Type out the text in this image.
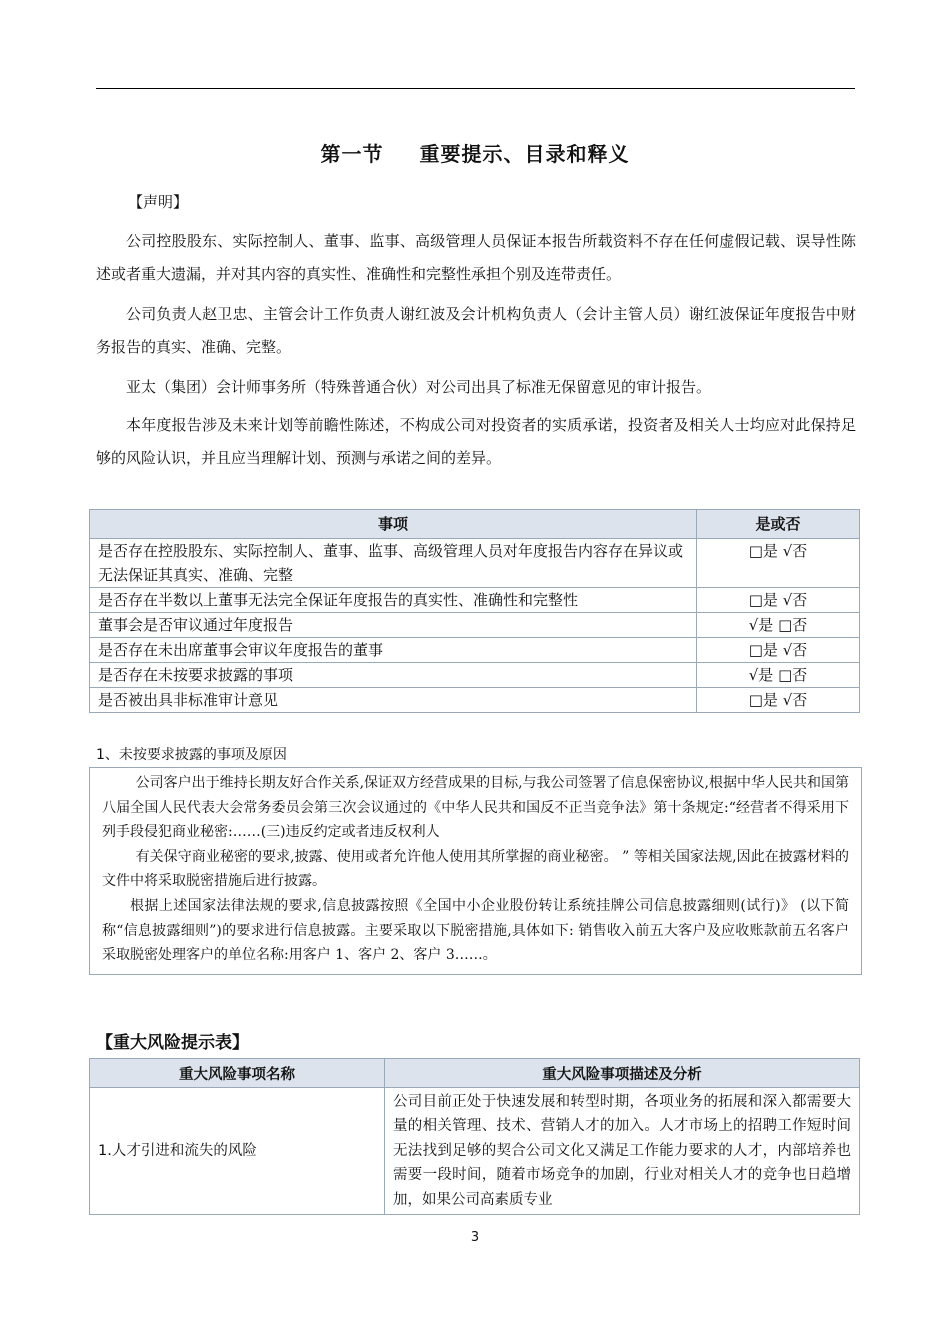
第一节 重要提示、目录和释义
【声明】

公司控股股东、实际控制人、董事、监事、高级管理人员保证本报告所载资料不存在任何虚假记载、误导性陈述或者重大遗漏，并对其内容的真实性、准确性和完整性承担个别及连带责任。

公司负责人赵卫忠、主管会计工作负责人谢红波及会计机构负责人（会计主管人员）谢红波保证年度报告中财务报告的真实、准确、完整。

亚太（集团）会计师事务所（特殊普通合伙）对公司出具了标准无保留意见的审计报告。

本年度报告涉及未来计划等前瞻性陈述，不构成公司对投资者的实质承诺，投资者及相关人士均应对此保持足够的风险认识，并且应当理解计划、预测与承诺之间的差异。

事项	是或否
是否存在控股股东、实际控制人、董事、监事、高级管理人员对年度报告内容存在异议或无法保证其真实、准确、完整	□是 √否
是否存在半数以上董事无法完全保证年度报告的真实性、准确性和完整性	□是 √否
董事会是否审议通过年度报告	√是 □否
是否存在未出席董事会审议年度报告的董事	□是 √否
是否存在未按要求披露的事项	√是 □否
是否被出具非标准审计意见	□是 √否
1、未按要求披露的事项及原因

公司客户出于维持长期友好合作关系,保证双方经营成果的目标,与我公司签署了信息保密协议,根据中华人民共和国第八届全国人民代表大会常务委员会第三次会议通过的《中华人民共和国反不正当竞争法》第十条规定:“经营者不得采用下列手段侵犯商业秘密:……(三)违反约定或者违反权利人

有关保守商业秘密的要求,披露、使用或者允许他人使用其所掌握的商业秘密。 ” 等相关国家法规,因此在披露材料的文件中将采取脱密措施后进行披露。

根据上述国家法律法规的要求,信息披露按照《全国中小企业股份转让系统挂牌公司信息披露细则(试行)》 (以下简称“信息披露细则”)的要求进行信息披露。主要采取以下脱密措施,具体如下: 销售收入前五大客户及应收账款前五名客户采取脱密处理客户的单位名称:用客户 1、客户 2、客户 3……。

【重大风险提示表】
重大风险事项名称	重大风险事项描述及分析
1.人才引进和流失的风险	公司目前正处于快速发展和转型时期，各项业务的拓展和深入都需要大量的相关管理、技术、营销人才的加入。人才市场上的招聘工作短时间无法找到足够的契合公司文化又满足工作能力要求的人才，内部培养也需要一段时间，随着市场竞争的加剧，行业对相关人才的竞争也日趋增加，如果公司高素质专业
3
